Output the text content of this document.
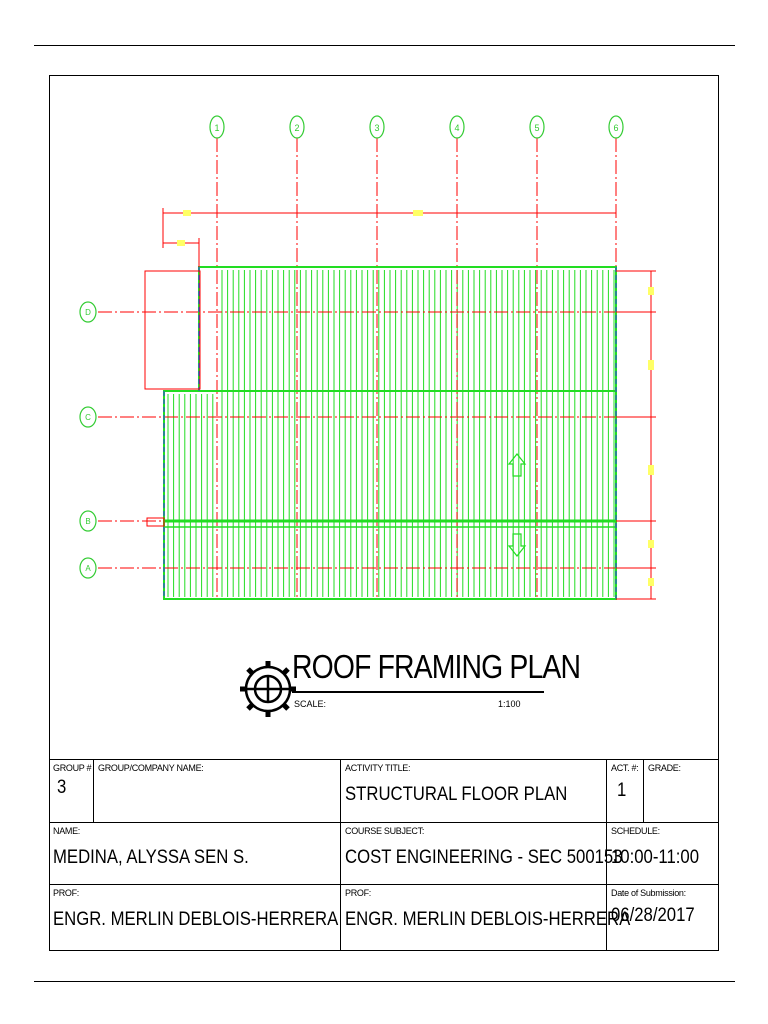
1	2	3	4	5	6
D
C
B
A
ROOF FRAMING PLAN
SCALE:	1:100
GROUP #
3
GROUP/COMPANY NAME:	ACTIVITY TITLE:
STRUCTURAL FLOOR PLAN
ACT. #:
1
GRADE:
NAME:
MEDINA, ALYSSA SEN S.
COURSE SUBJECT:
COST ENGINEERING - SEC 500153
SCHEDULE:
10:00-11:00
PROF:
ENGR. MERLIN DEBLOIS-HERRERA
PROF:
ENGR. MERLIN DEBLOIS-HERRERA
Date of Submission:
06/28/2017
